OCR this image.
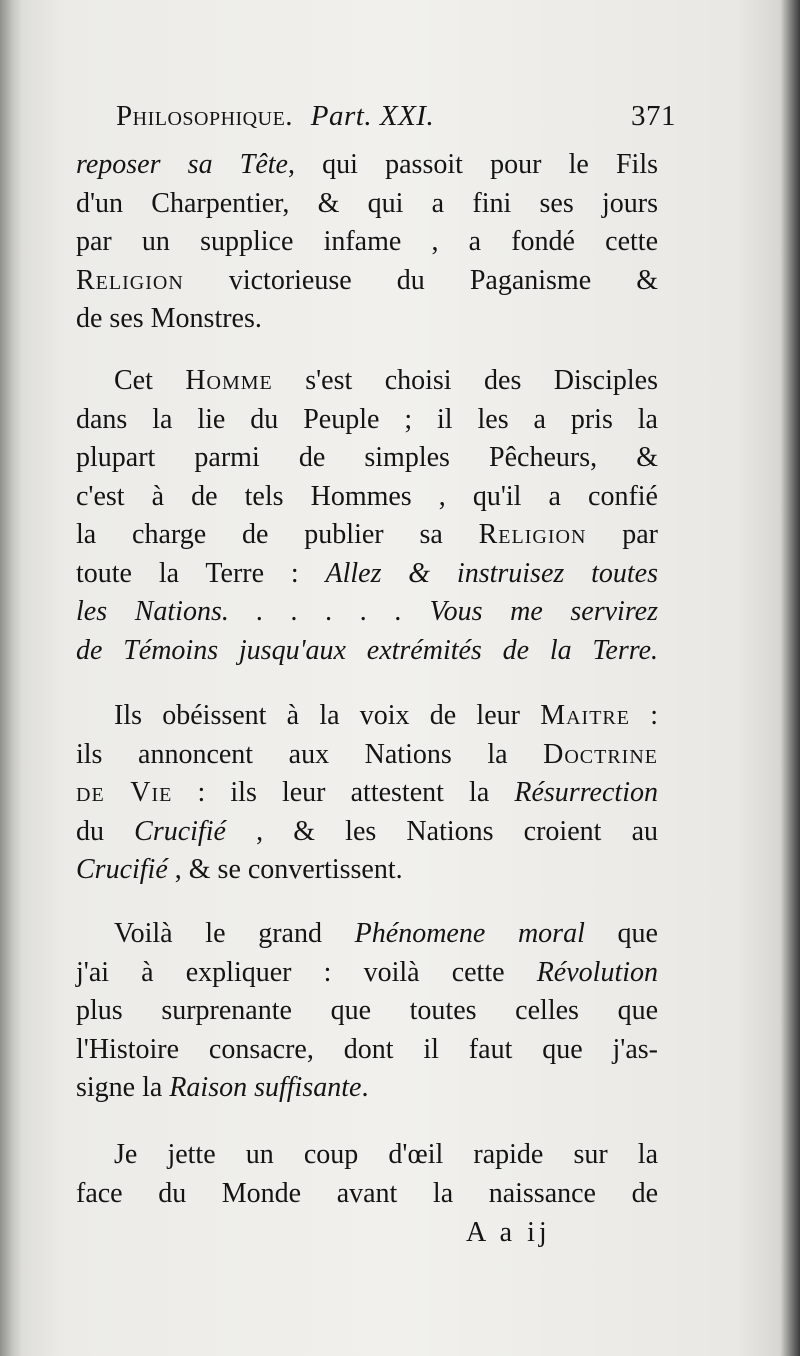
Philosophique. Part. XXI.	371
reposer sa Tête, qui passoit pour le Fils
d'un Charpentier, & qui a fini ses jours
par un supplice infame , a fondé cette
Religion victorieuse du Paganisme &
de ses Monstres.
Cet Homme s'est choisi des Disciples
dans la lie du Peuple ; il les a pris la
plupart parmi de simples Pêcheurs, &
c'est à de tels Hommes , qu'il a confié
la charge de publier sa Religion par
toute la Terre : Allez & instruisez toutes
les Nations. . . . . . Vous me servirez
de Témoins jusqu'aux extrémités de la Terre.
Ils obéissent à la voix de leur Maitre :
ils annoncent aux Nations la Doctrine
de Vie : ils leur attestent la Résurrection
du Crucifié , & les Nations croient au
Crucifié , & se convertissent.
Voilà le grand Phénomene moral que
j'ai à expliquer : voilà cette Révolution
plus surprenante que toutes celles que
l'Histoire consacre, dont il faut que j'as-
signe la Raison suffisante.
Je jette un coup d'œil rapide sur la
face du Monde avant la naissance de
A a ij
